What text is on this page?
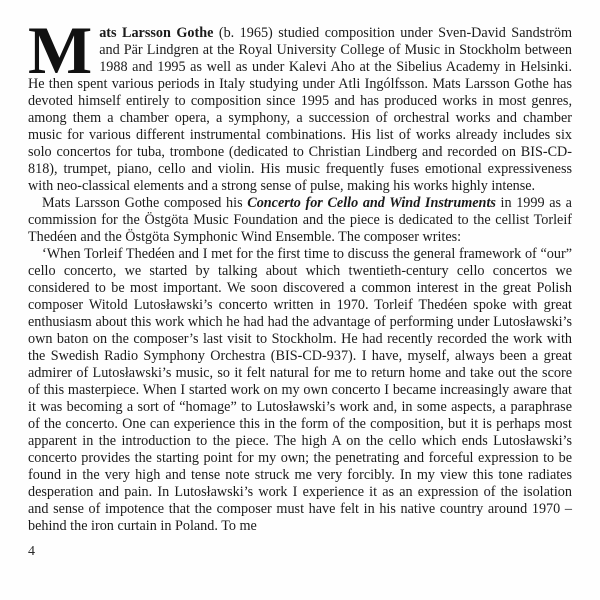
Mats Larsson Gothe (b. 1965) studied composition under Sven-David Sandström and Pär Lindgren at the Royal University College of Music in Stockholm between 1988 and 1995 as well as under Kalevi Aho at the Sibelius Academy in Helsinki. He then spent various periods in Italy studying under Atli Ingólfsson. Mats Larsson Gothe has devoted himself entirely to composition since 1995 and has produced works in most genres, among them a chamber opera, a symphony, a succession of orchestral works and chamber music for various different instrumental combinations. His list of works already includes six solo concertos for tuba, trombone (dedicated to Christian Lindberg and recorded on BIS-CD-818), trumpet, piano, cello and violin. His music frequently fuses emotional expressiveness with neo-classical elements and a strong sense of pulse, making his works highly intense.

Mats Larsson Gothe composed his Concerto for Cello and Wind Instruments in 1999 as a commission for the Östgöta Music Foundation and the piece is dedicated to the cellist Torleif Thedéen and the Östgöta Symphonic Wind Ensemble. The composer writes:

‘When Torleif Thedéen and I met for the first time to discuss the general framework of “our” cello concerto, we started by talking about which twentieth-century cello concertos we considered to be most important. We soon discovered a common interest in the great Polish composer Witold Lutosławski’s concerto written in 1970. Torleif Thedéen spoke with great enthusiasm about this work which he had had the advantage of performing under Lutosławski’s own baton on the composer’s last visit to Stockholm. He had recently recorded the work with the Swedish Radio Symphony Orchestra (BIS-CD-937). I have, myself, always been a great admirer of Lutosławski’s music, so it felt natural for me to return home and take out the score of this masterpiece. When I started work on my own concerto I became increasingly aware that it was becoming a sort of “homage” to Lutosławski’s work and, in some aspects, a paraphrase of the concerto. One can experience this in the form of the composition, but it is perhaps most apparent in the introduction to the piece. The high A on the cello which ends Lutosławski’s concerto provides the starting point for my own; the penetrating and forceful expression to be found in the very high and tense note struck me very forcibly. In my view this tone radiates desperation and pain. In Lutosławski’s work I experience it as an expression of the isolation and sense of impotence that the composer must have felt in his native country around 1970 – behind the iron curtain in Poland. To me

4
